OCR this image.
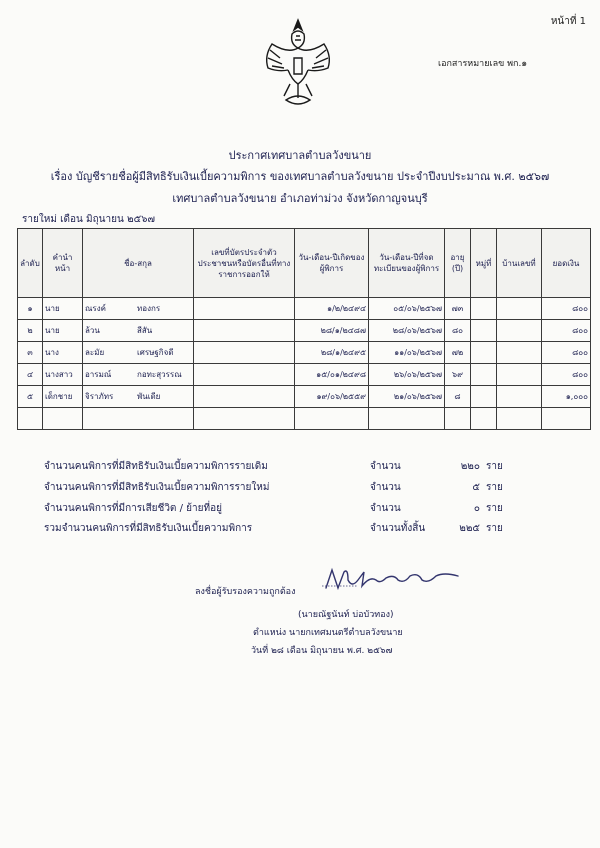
หน้าที่ 1
เอกสารหมายเลข พก.๑
ประกาศเทศบาลตำบลวังขนาย
เรื่อง บัญชีรายชื่อผู้มีสิทธิรับเงินเบี้ยความพิการ ของเทศบาลตำบลวังขนาย ประจำปีงบประมาณ พ.ศ. ๒๕๖๗
เทศบาลตำบลวังขนาย อำเภอท่าม่วง จังหวัดกาญจนบุรี
รายใหม่ เดือน มิถุนายน ๒๕๖๗
ลำดับ	คำนำหน้า	ชื่อ-สกุล	เลขที่บัตรประจำตัวประชาชนหรือบัตรอื่นที่ทางราชการออกให้	วัน-เดือน-ปีเกิดของผู้พิการ	วัน-เดือน-ปีที่จดทะเบียนของผู้พิการ	อายุ (ปี)	หมู่ที่	บ้านเลขที่	ยอดเงิน
๑	นาย	ณรงค์ ทองกร		๑/๒/๒๔๙๔	๐๕/๐๖/๒๕๖๗	๗๓			๘๐๐
๒	นาย	ล้วน สีสัน		๒๘/๑/๒๔๘๗	๒๘/๐๖/๒๕๖๗	๘๐			๘๐๐
๓	นาง	ละมัย เศรษฐกิจดี		๒๘/๑/๒๔๙๕	๑๑/๐๖/๒๕๖๗	๗๒			๘๐๐
๔	นางสาว	อารมณ์ กอทะสุวรรณ		๑๕/๐๑/๒๔๙๘	๒๖/๐๖/๒๕๖๗	๖๙			๘๐๐
๕	เด็กชาย	จิราภัทร พันเดีย		๑๙/๐๖/๒๕๕๙	๒๑/๐๖/๒๕๖๗	๘			๑,๐๐๐

จำนวนคนพิการที่มีสิทธิรับเงินเบี้ยความพิการรายเดิม	จำนวน	๒๒๐ ราย
จำนวนคนพิการที่มีสิทธิรับเงินเบี้ยความพิการรายใหม่	จำนวน	๕ ราย
จำนวนคนพิการที่มีการเสียชีวิต / ย้ายที่อยู่	จำนวน	๐ ราย
รวมจำนวนคนพิการที่มีสิทธิรับเงินเบี้ยความพิการ	จำนวนทั้งสิ้น	๒๒๕ ราย
ลงชื่อผู้รับรองความถูกต้อง
(นายณัฐนันท์ บ่อบัวทอง)
ตำแหน่ง นายกเทศมนตรีตำบลวังขนาย
วันที่ ๒๘ เดือน มิถุนายน พ.ศ. ๒๕๖๗
